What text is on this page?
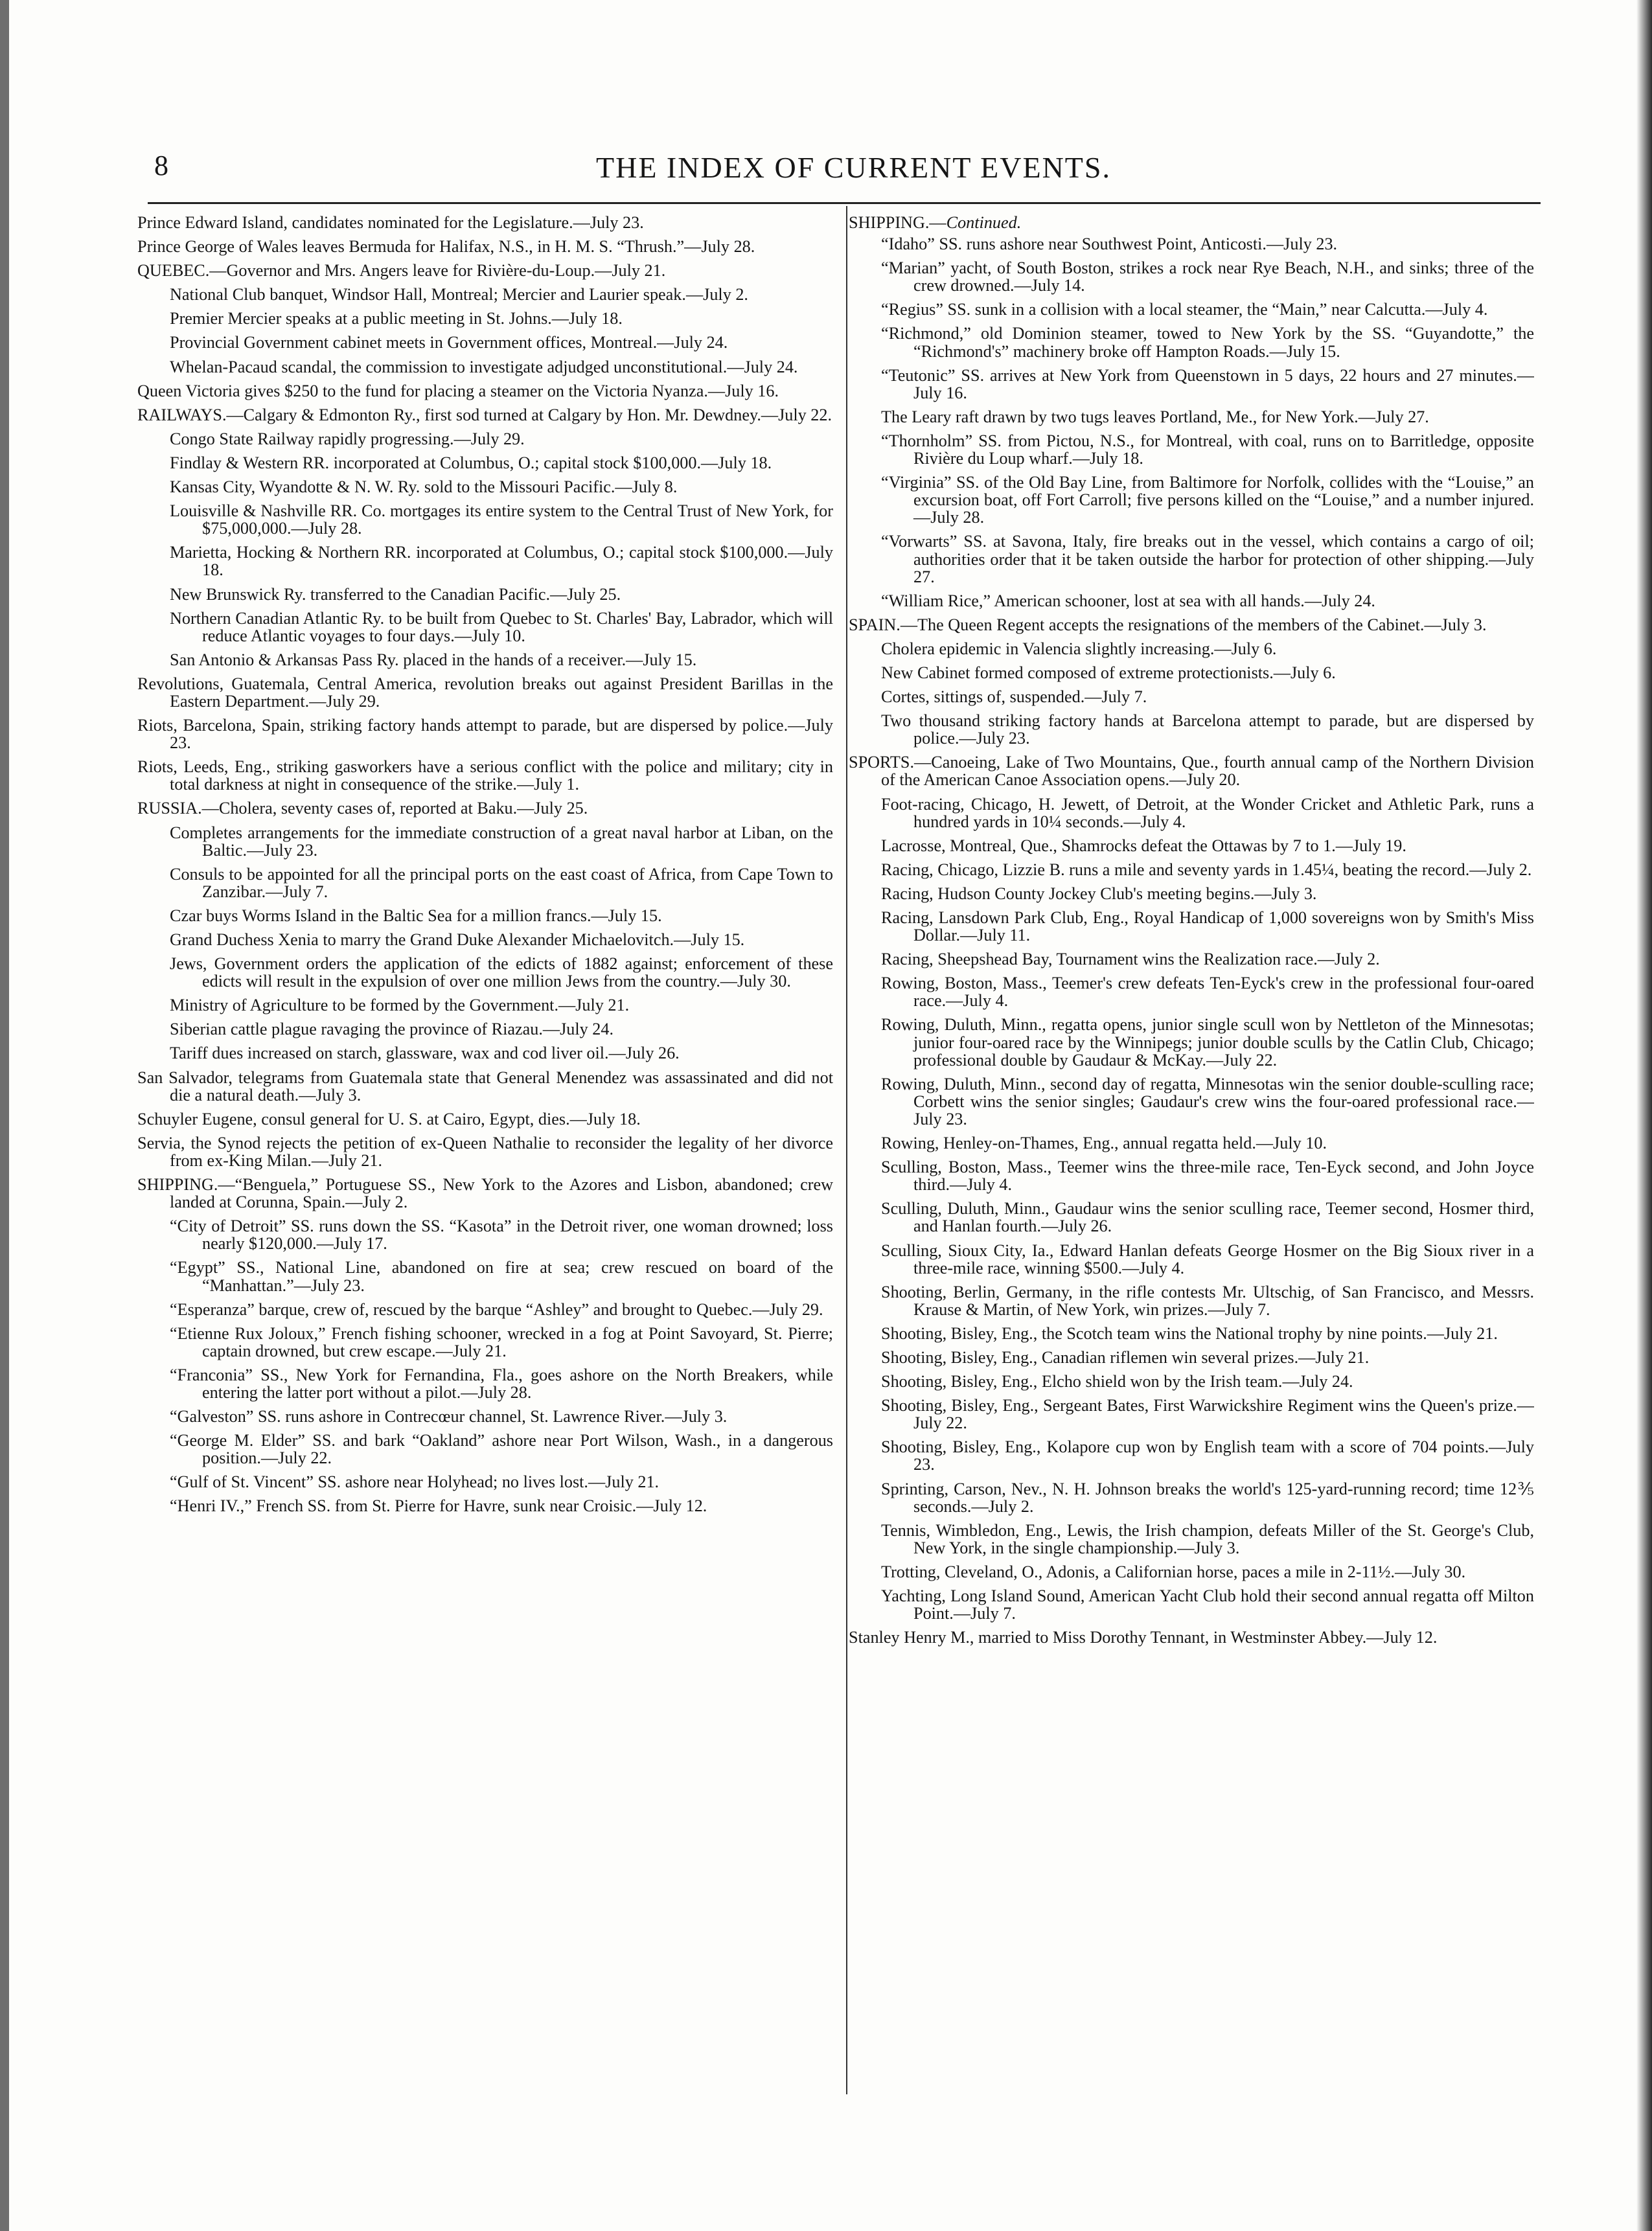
8	THE INDEX OF CURRENT EVENTS.
Prince Edward Island, candidates nominated for the Legislature.—July 23.
Prince George of Wales leaves Bermuda for Halifax, N.S., in H. M. S. “Thrush.”—July 28.
QUEBEC.—Governor and Mrs. Angers leave for Rivière-du-Loup.—July 21.
National Club banquet, Windsor Hall, Montreal; Mercier and Laurier speak.—July 2.
Premier Mercier speaks at a public meeting in St. Johns.—July 18.
Provincial Government cabinet meets in Government offices, Montreal.—July 24.
Whelan-Pacaud scandal, the commission to investigate adjudged unconstitutional.—July 24.
Queen Victoria gives $250 to the fund for placing a steamer on the Victoria Nyanza.—July 16.
RAILWAYS.—Calgary & Edmonton Ry., first sod turned at Calgary by Hon. Mr. Dewdney.—July 22.
Congo State Railway rapidly progressing.—July 29.
Findlay & Western RR. incorporated at Columbus, O.; capital stock $100,000.—July 18.
Kansas City, Wyandotte & N. W. Ry. sold to the Missouri Pacific.—July 8.
Louisville & Nashville RR. Co. mortgages its entire system to the Central Trust of New York, for $75,000,000.—July 28.
Marietta, Hocking & Northern RR. incorporated at Columbus, O.; capital stock $100,000.—July 18.
New Brunswick Ry. transferred to the Canadian Pacific.—July 25.
Northern Canadian Atlantic Ry. to be built from Quebec to St. Charles' Bay, Labrador, which will reduce Atlantic voyages to four days.—July 10.
San Antonio & Arkansas Pass Ry. placed in the hands of a receiver.—July 15.
Revolutions, Guatemala, Central America, revolution breaks out against President Barillas in the Eastern Department.—July 29.
Riots, Barcelona, Spain, striking factory hands attempt to parade, but are dispersed by police.—July 23.
Riots, Leeds, Eng., striking gasworkers have a serious conflict with the police and military; city in total darkness at night in consequence of the strike.—July 1.
RUSSIA.—Cholera, seventy cases of, reported at Baku.—July 25.
Completes arrangements for the immediate construction of a great naval harbor at Liban, on the Baltic.—July 23.
Consuls to be appointed for all the principal ports on the east coast of Africa, from Cape Town to Zanzibar.—July 7.
Czar buys Worms Island in the Baltic Sea for a million francs.—July 15.
Grand Duchess Xenia to marry the Grand Duke Alexander Michaelovitch.—July 15.
Jews, Government orders the application of the edicts of 1882 against; enforcement of these edicts will result in the expulsion of over one million Jews from the country.—July 30.
Ministry of Agriculture to be formed by the Government.—July 21.
Siberian cattle plague ravaging the province of Riazau.—July 24.
Tariff dues increased on starch, glassware, wax and cod liver oil.—July 26.
San Salvador, telegrams from Guatemala state that General Menendez was assassinated and did not die a natural death.—July 3.
Schuyler Eugene, consul general for U. S. at Cairo, Egypt, dies.—July 18.
Servia, the Synod rejects the petition of ex-Queen Nathalie to reconsider the legality of her divorce from ex-King Milan.—July 21.
SHIPPING.—“Benguela,” Portuguese SS., New York to the Azores and Lisbon, abandoned; crew landed at Corunna, Spain.—July 2.
“City of Detroit” SS. runs down the SS. “Kasota” in the Detroit river, one woman drowned; loss nearly $120,000.—July 17.
“Egypt” SS., National Line, abandoned on fire at sea; crew rescued on board of the “Manhattan.”—July 23.
“Esperanza” barque, crew of, rescued by the barque “Ashley” and brought to Quebec.—July 29.
“Etienne Rux Joloux,” French fishing schooner, wrecked in a fog at Point Savoyard, St. Pierre; captain drowned, but crew escape.—July 21.
“Franconia” SS., New York for Fernandina, Fla., goes ashore on the North Breakers, while entering the latter port without a pilot.—July 28.
“Galveston” SS. runs ashore in Contrecœur channel, St. Lawrence River.—July 3.
“George M. Elder” SS. and bark “Oakland” ashore near Port Wilson, Wash., in a dangerous position.—July 22.
“Gulf of St. Vincent” SS. ashore near Holyhead; no lives lost.—July 21.
“Henri IV.,” French SS. from St. Pierre for Havre, sunk near Croisic.—July 12.
SHIPPING.—Continued.
“Idaho” SS. runs ashore near Southwest Point, Anticosti.—July 23.
“Marian” yacht, of South Boston, strikes a rock near Rye Beach, N.H., and sinks; three of the crew drowned.—July 14.
“Regius” SS. sunk in a collision with a local steamer, the “Main,” near Calcutta.—July 4.
“Richmond,” old Dominion steamer, towed to New York by the SS. “Guyandotte,” the “Richmond's” machinery broke off Hampton Roads.—July 15.
“Teutonic” SS. arrives at New York from Queenstown in 5 days, 22 hours and 27 minutes.—July 16.
The Leary raft drawn by two tugs leaves Portland, Me., for New York.—July 27.
“Thornholm” SS. from Pictou, N.S., for Montreal, with coal, runs on to Barritledge, opposite Rivière du Loup wharf.—July 18.
“Virginia” SS. of the Old Bay Line, from Baltimore for Norfolk, collides with the “Louise,” an excursion boat, off Fort Carroll; five persons killed on the “Louise,” and a number injured.—July 28.
“Vorwarts” SS. at Savona, Italy, fire breaks out in the vessel, which contains a cargo of oil; authorities order that it be taken outside the harbor for protection of other shipping.—July 27.
“William Rice,” American schooner, lost at sea with all hands.—July 24.
SPAIN.—The Queen Regent accepts the resignations of the members of the Cabinet.—July 3.
Cholera epidemic in Valencia slightly increasing.—July 6.
New Cabinet formed composed of extreme protectionists.—July 6.
Cortes, sittings of, suspended.—July 7.
Two thousand striking factory hands at Barcelona attempt to parade, but are dispersed by police.—July 23.
SPORTS.—Canoeing, Lake of Two Mountains, Que., fourth annual camp of the Northern Division of the American Canoe Association opens.—July 20.
Foot-racing, Chicago, H. Jewett, of Detroit, at the Wonder Cricket and Athletic Park, runs a hundred yards in 10¼ seconds.—July 4.
Lacrosse, Montreal, Que., Shamrocks defeat the Ottawas by 7 to 1.—July 19.
Racing, Chicago, Lizzie B. runs a mile and seventy yards in 1.45¼, beating the record.—July 2.
Racing, Hudson County Jockey Club's meeting begins.—July 3.
Racing, Lansdown Park Club, Eng., Royal Handicap of 1,000 sovereigns won by Smith's Miss Dollar.—July 11.
Racing, Sheepshead Bay, Tournament wins the Realization race.—July 2.
Rowing, Boston, Mass., Teemer's crew defeats Ten-Eyck's crew in the professional four-oared race.—July 4.
Rowing, Duluth, Minn., regatta opens, junior single scull won by Nettleton of the Minnesotas; junior four-oared race by the Winnipegs; junior double sculls by the Catlin Club, Chicago; professional double by Gaudaur & McKay.—July 22.
Rowing, Duluth, Minn., second day of regatta, Minnesotas win the senior double-sculling race; Corbett wins the senior singles; Gaudaur's crew wins the four-oared professional race.—July 23.
Rowing, Henley-on-Thames, Eng., annual regatta held.—July 10.
Sculling, Boston, Mass., Teemer wins the three-mile race, Ten-Eyck second, and John Joyce third.—July 4.
Sculling, Duluth, Minn., Gaudaur wins the senior sculling race, Teemer second, Hosmer third, and Hanlan fourth.—July 26.
Sculling, Sioux City, Ia., Edward Hanlan defeats George Hosmer on the Big Sioux river in a three-mile race, winning $500.—July 4.
Shooting, Berlin, Germany, in the rifle contests Mr. Ultschig, of San Francisco, and Messrs. Krause & Martin, of New York, win prizes.—July 7.
Shooting, Bisley, Eng., the Scotch team wins the National trophy by nine points.—July 21.
Shooting, Bisley, Eng., Canadian riflemen win several prizes.—July 21.
Shooting, Bisley, Eng., Elcho shield won by the Irish team.—July 24.
Shooting, Bisley, Eng., Sergeant Bates, First Warwickshire Regiment wins the Queen's prize.—July 22.
Shooting, Bisley, Eng., Kolapore cup won by English team with a score of 704 points.—July 23.
Sprinting, Carson, Nev., N. H. Johnson breaks the world's 125-yard-running record; time 12⅗ seconds.—July 2.
Tennis, Wimbledon, Eng., Lewis, the Irish champion, defeats Miller of the St. George's Club, New York, in the single championship.—July 3.
Trotting, Cleveland, O., Adonis, a Californian horse, paces a mile in 2-11½.—July 30.
Yachting, Long Island Sound, American Yacht Club hold their second annual regatta off Milton Point.—July 7.
Stanley Henry M., married to Miss Dorothy Tennant, in Westminster Abbey.—July 12.
